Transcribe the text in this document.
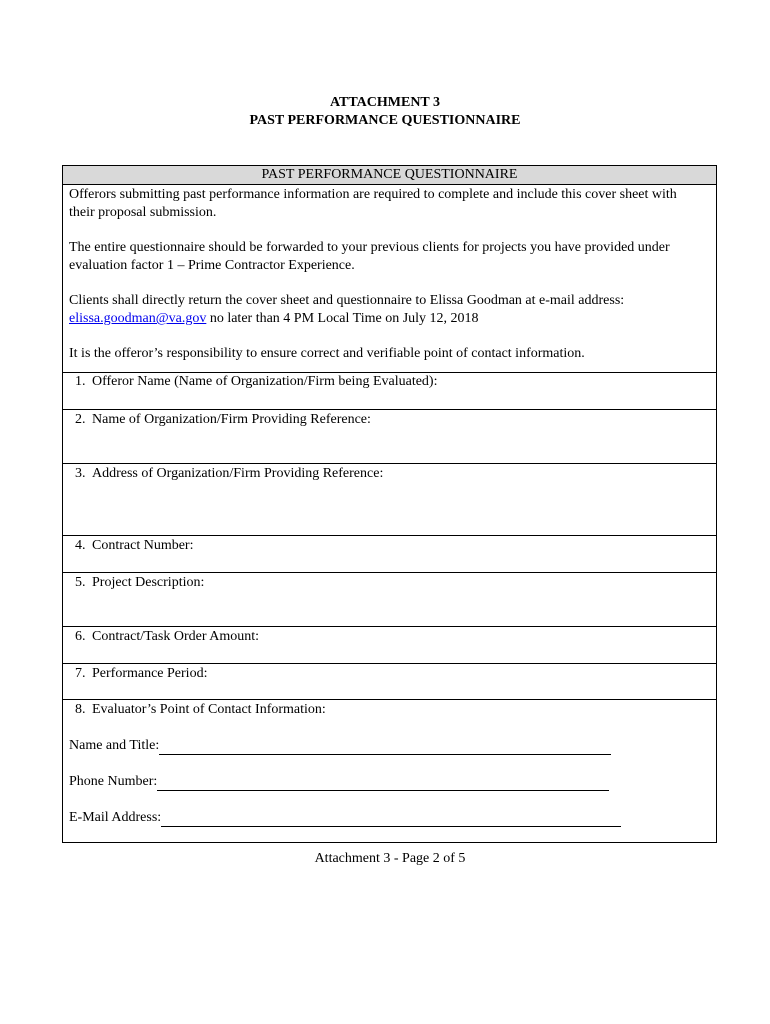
ATTACHMENT 3
PAST PERFORMANCE QUESTIONNAIRE
PAST PERFORMANCE QUESTIONNAIRE

Offerors submitting past performance information are required to complete and include this cover sheet with their proposal submission.

The entire questionnaire should be forwarded to your previous clients for projects you have provided under evaluation factor 1 – Prime Contractor Experience.

Clients shall directly return the cover sheet and questionnaire to Elissa Goodman at e-mail address:
elissa.goodman@va.gov no later than 4 PM Local Time on July 12, 2018

It is the offeror’s responsibility to ensure correct and verifiable point of contact information.

1. Offeror Name (Name of Organization/Firm being Evaluated):
2. Name of Organization/Firm Providing Reference:
3. Address of Organization/Firm Providing Reference:
4. Contract Number:
5. Project Description:
6. Contract/Task Order Amount:
7. Performance Period:
8. Evaluator’s Point of Contact Information:
Name and Title:
Phone Number:
E-Mail Address:
Attachment 3 - Page 2 of 5
